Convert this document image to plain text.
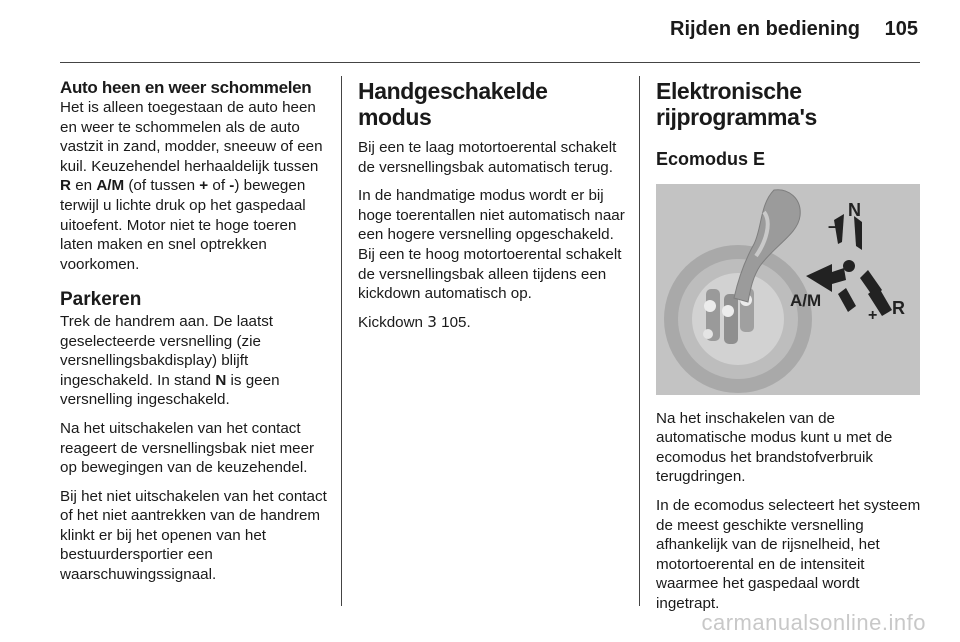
Rijden en bediening 105
Auto heen en weer schommelen

Het is alleen toegestaan de auto heen en weer te schommelen als de auto vastzit in zand, modder, sneeuw of een kuil. Keuzehendel herhaaldelijk tussen R en A/M (of tussen + of -) bewegen terwijl u lichte druk op het gaspedaal uitoefent. Motor niet te hoge toeren laten maken en snel optrekken voorkomen.

Parkeren

Trek de handrem aan. De laatst geselecteerde versnelling (zie versnellingsbakdisplay) blijft ingeschakeld. In stand N is geen versnelling ingeschakeld.

Na het uitschakelen van het contact reageert de versnellingsbak niet meer op bewegingen van de keuzehendel.

Bij het niet uitschakelen van het contact of het niet aantrekken van de handrem klinkt er bij het openen van het bestuurdersportier een waarschuwingssignaal.

Handgeschakelde modus

Bij een te laag motortoerental schakelt de versnellingsbak automatisch terug.

In de handmatige modus wordt er bij hoge toerentallen niet automatisch naar een hogere versnelling opgeschakeld. Bij een te hoog motortoerental schakelt de versnellingsbak alleen tijdens een kickdown automatisch op.

Kickdown 3 105.

Elektronische rijprogramma's
Ecomodus E
–
N
A/M
+ R

Na het inschakelen van de automatische modus kunt u met de ecomodus het brandstofverbruik terugdringen.

In de ecomodus selecteert het systeem de meest geschikte versnelling afhankelijk van de rijsnelheid, het motortoerental en de intensiteit waarmee het gaspedaal wordt ingetrapt.

carmanualsonline.info
